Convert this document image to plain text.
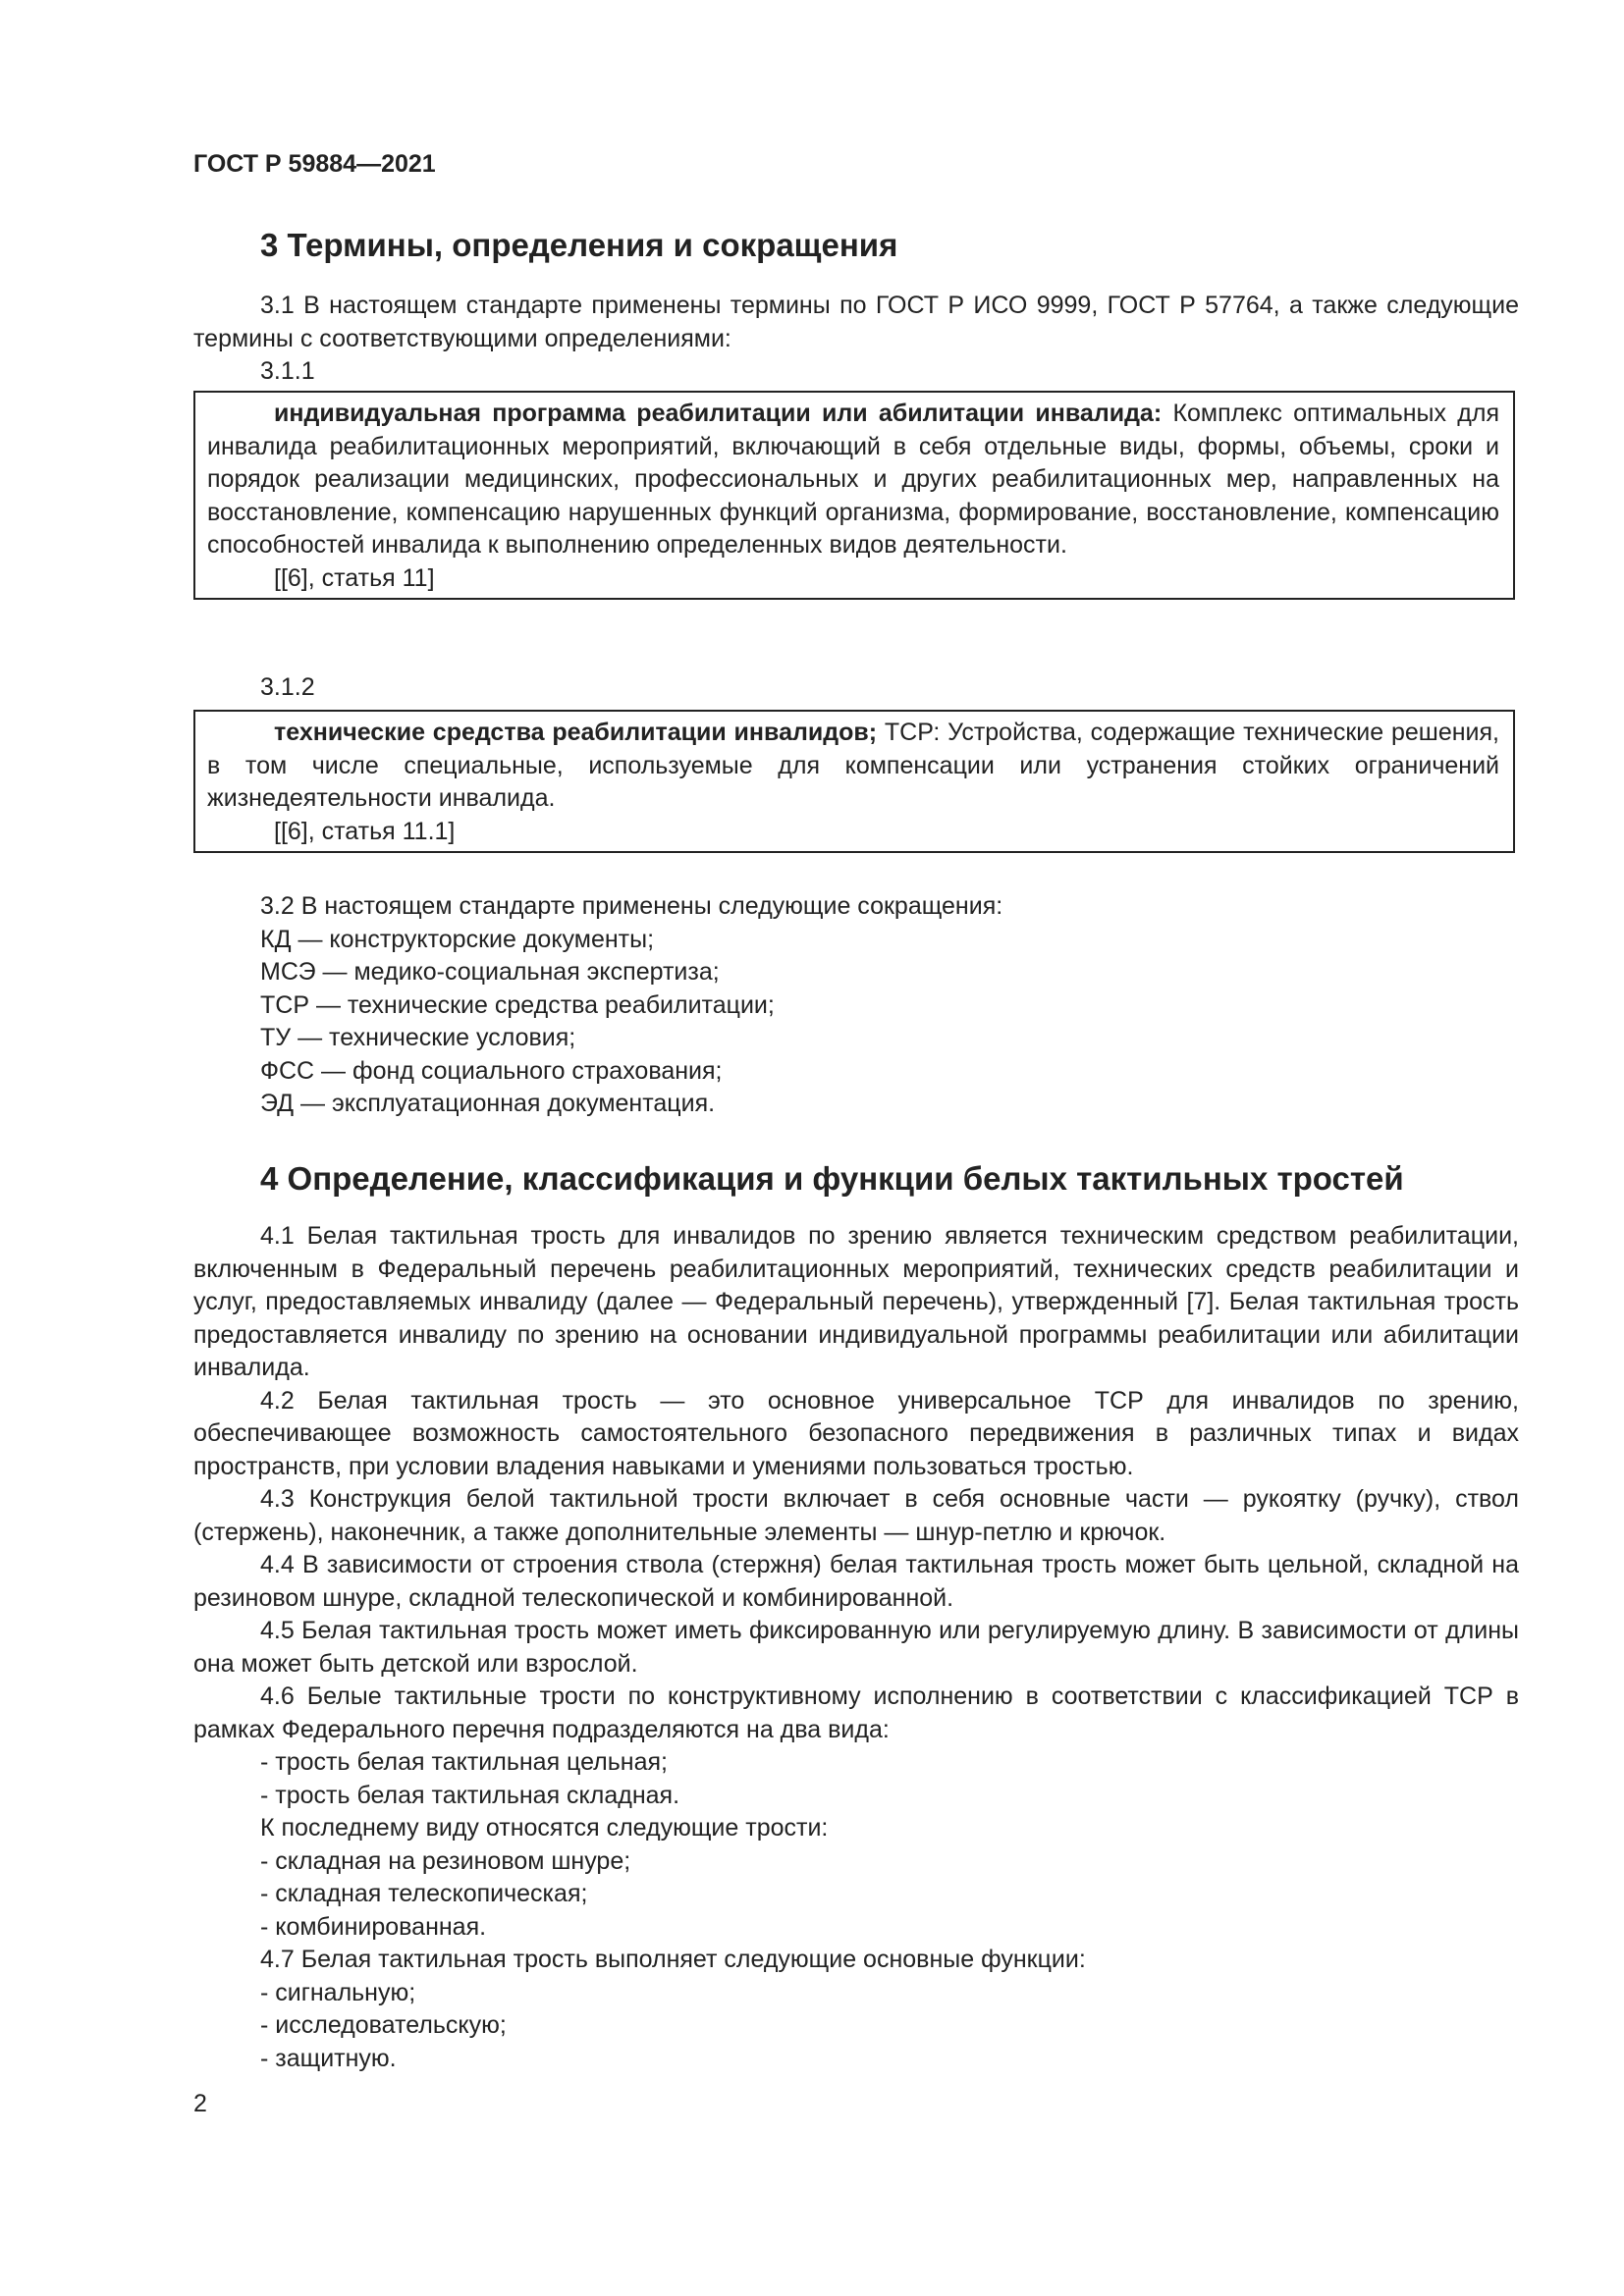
ГОСТ Р 59884—2021
3 Термины, определения и сокращения

3.1 В настоящем стандарте применены термины по ГОСТ Р ИСО 9999, ГОСТ Р 57764, а также следующие термины с соответствующими определениями:

3.1.1

индивидуальная программа реабилитации или абилитации инвалида: Комплекс оптимальных для инвалида реабилитационных мероприятий, включающий в себя отдельные виды, формы, объемы, сроки и порядок реализации медицинских, профессиональных и других реабилитационных мер, направленных на восстановление, компенсацию нарушенных функций организма, формирование, восстановление, компенсацию способностей инвалида к выполнению определенных видов деятельности.

[[6], статья 11]

3.1.2

технические средства реабилитации инвалидов; ТСР: Устройства, содержащие технические решения, в том числе специальные, используемые для компенсации или устранения стойких ограничений жизнедеятельности инвалида.

[[6], статья 11.1]

3.2 В настоящем стандарте применены следующие сокращения:

КД — конструкторские документы;

МСЭ — медико-социальная экспертиза;

ТСР — технические средства реабилитации;

ТУ — технические условия;

ФСС — фонд социального страхования;

ЭД — эксплуатационная документация.

4 Определение, классификация и функции белых тактильных тростей

4.1 Белая тактильная трость для инвалидов по зрению является техническим средством реабилитации, включенным в Федеральный перечень реабилитационных мероприятий, технических средств реабилитации и услуг, предоставляемых инвалиду (далее — Федеральный перечень), утвержденный [7]. Белая тактильная трость предоставляется инвалиду по зрению на основании индивидуальной программы реабилитации или абилитации инвалида.

4.2 Белая тактильная трость — это основное универсальное ТСР для инвалидов по зрению, обеспечивающее возможность самостоятельного безопасного передвижения в различных типах и видах пространств, при условии владения навыками и умениями пользоваться тростью.

4.3 Конструкция белой тактильной трости включает в себя основные части — рукоятку (ручку), ствол (стержень), наконечник, а также дополнительные элементы — шнур-петлю и крючок.

4.4 В зависимости от строения ствола (стержня) белая тактильная трость может быть цельной, складной на резиновом шнуре, складной телескопической и комбинированной.

4.5 Белая тактильная трость может иметь фиксированную или регулируемую длину. В зависимости от длины она может быть детской или взрослой.

4.6 Белые тактильные трости по конструктивному исполнению в соответствии с классификацией ТСР в рамках Федерального перечня подразделяются на два вида:

- трость белая тактильная цельная;

- трость белая тактильная складная.

К последнему виду относятся следующие трости:

- складная на резиновом шнуре;

- складная телескопическая;

- комбинированная.

4.7 Белая тактильная трость выполняет следующие основные функции:

- сигнальную;

- исследовательскую;

- защитную.

2
